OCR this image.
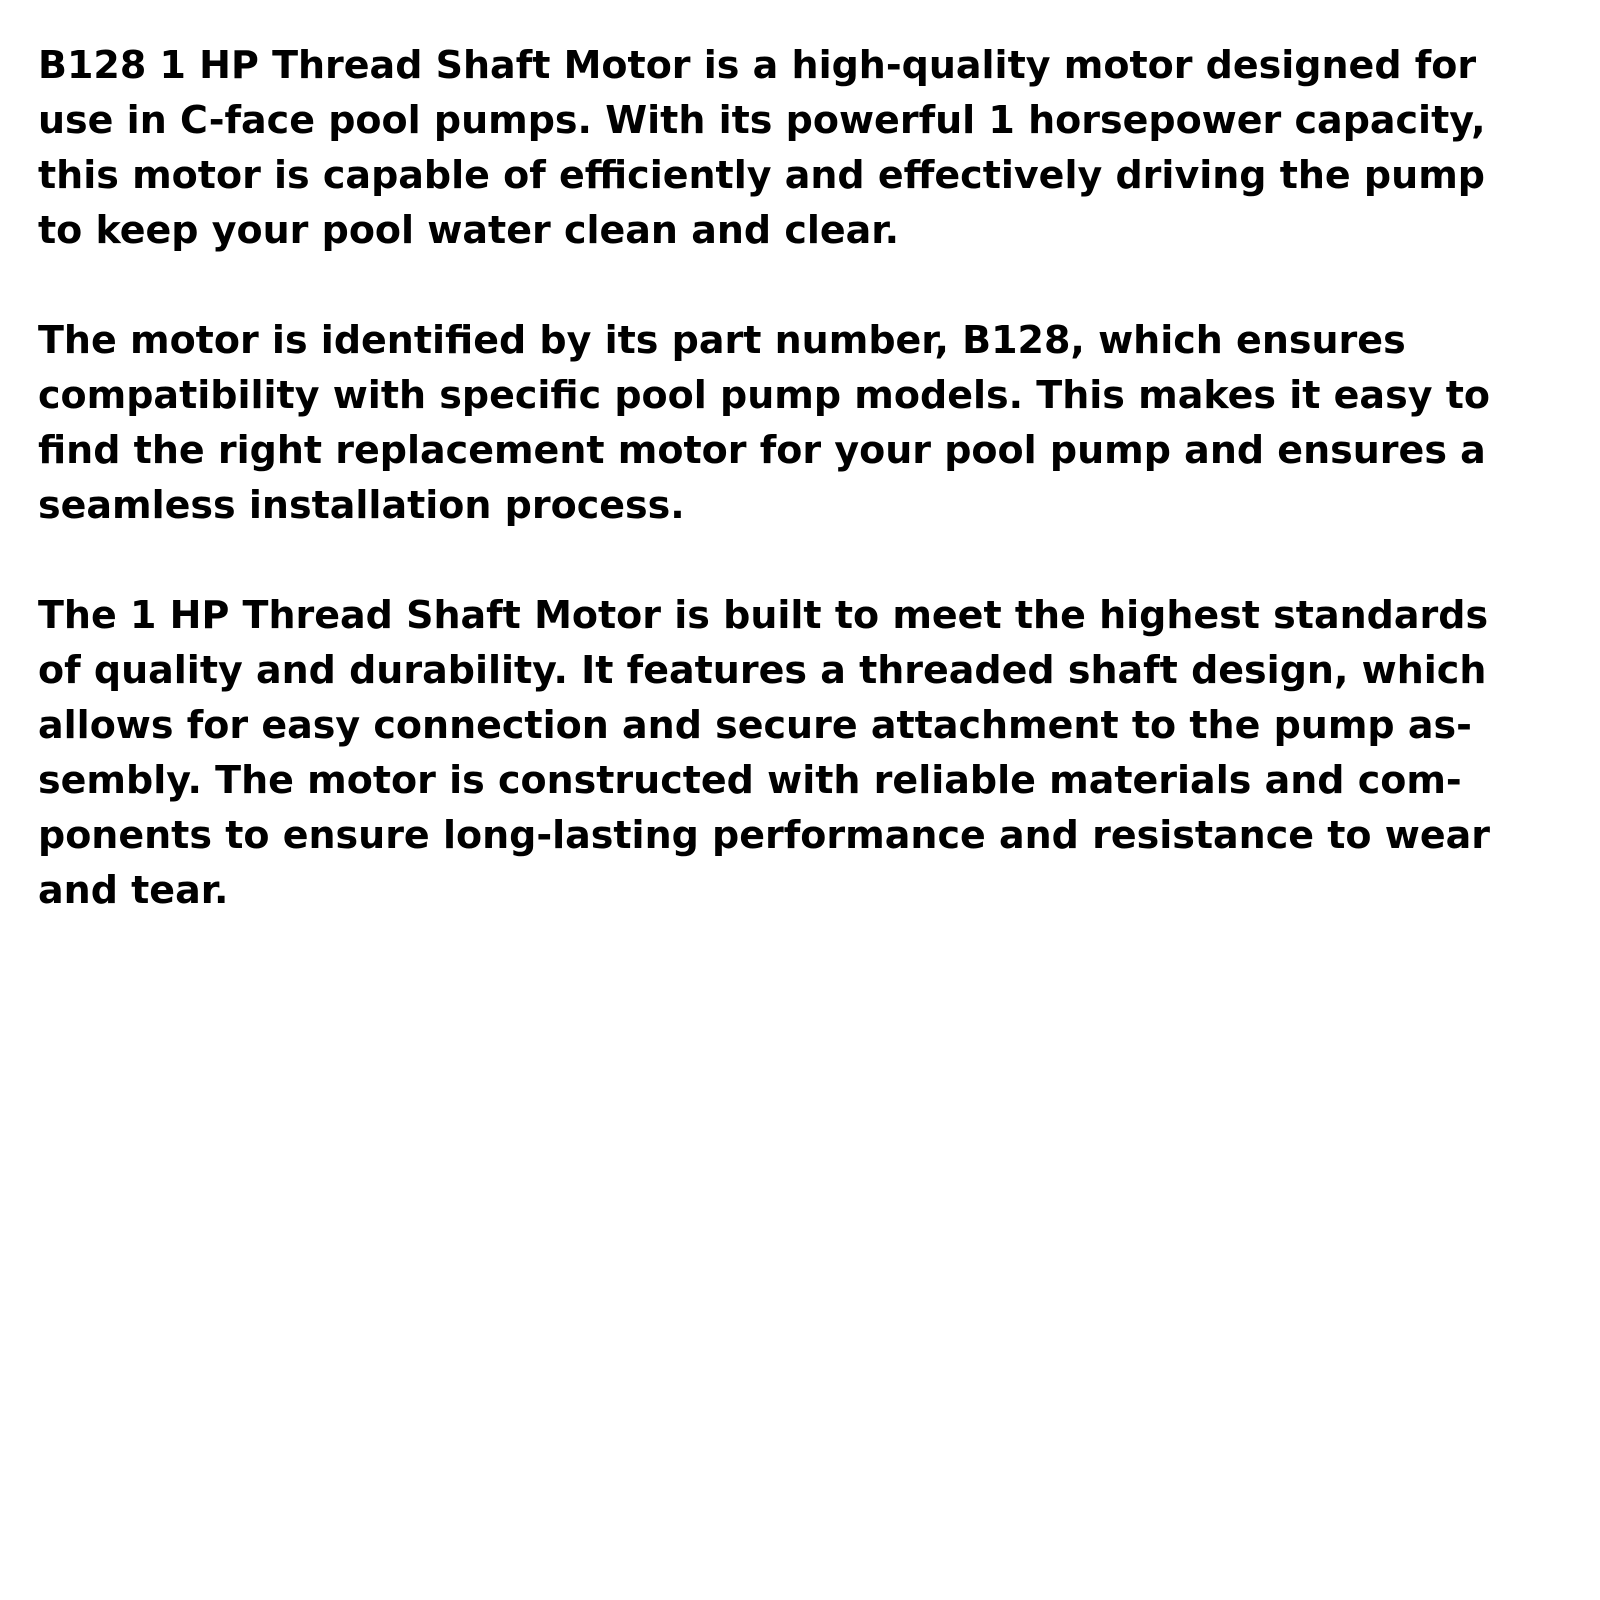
B128 1 HP Thread Shaft Motor is a high-quality motor designed for
use in C-face pool pumps. With its powerful 1 horsepower capacity,
this motor is capable of efficiently and effectively driving the pump
to keep your pool water clean and clear.

The motor is identified by its part number, B128, which ensures
compatibility with specific pool pump models. This makes it easy to
find the right replacement motor for your pool pump and ensures a
seamless installation process.

The 1 HP Thread Shaft Motor is built to meet the highest standards
of quality and durability. It features a threaded shaft design, which
allows for easy connection and secure attachment to the pump as-
sembly. The motor is constructed with reliable materials and com-
ponents to ensure long-lasting performance and resistance to wear
and tear.
